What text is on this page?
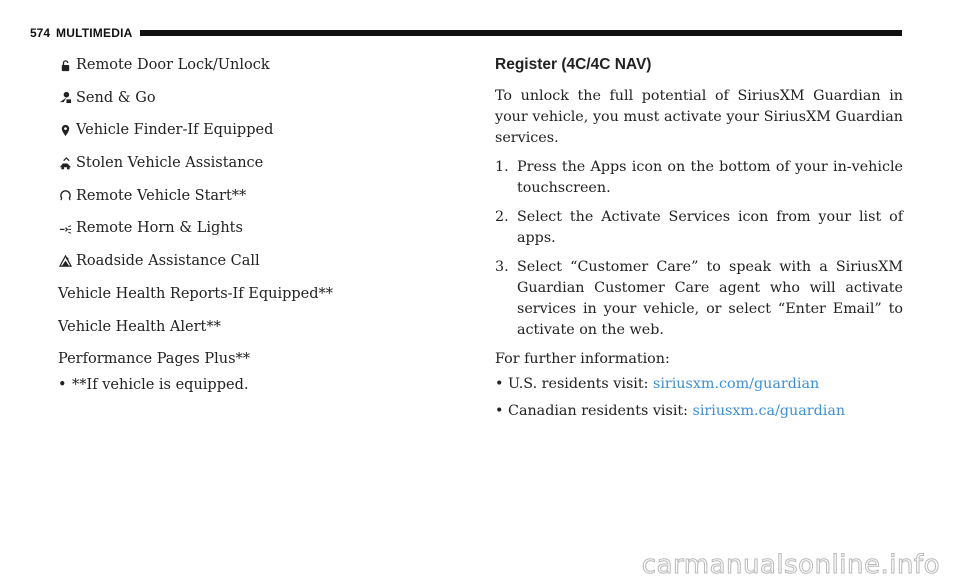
574 MULTIMEDIA
Remote Door Lock/Unlock
Send & Go
Vehicle Finder-If Equipped
Stolen Vehicle Assistance
Remote Vehicle Start**
Remote Horn & Lights
Roadside Assistance Call
Vehicle Health Reports-If Equipped**
Vehicle Health Alert**
Performance Pages Plus**
• **If vehicle is equipped.
Register (4C/4C NAV)

To unlock the full potential of SiriusXM Guardian in your vehicle, you must activate your SiriusXM Guardian services.

1. Press the Apps icon on the bottom of your in-vehicle touchscreen.
2. Select the Activate Services icon from your list of apps.
3. Select “Customer Care” to speak with a SiriusXM Guardian Customer Care agent who will activate services in your vehicle, or select “Enter Email” to activate on the web.

For further information:

• U.S. residents visit: siriusxm.com/guardian
• Canadian residents visit: siriusxm.ca/guardian
carmanualsonline.info
